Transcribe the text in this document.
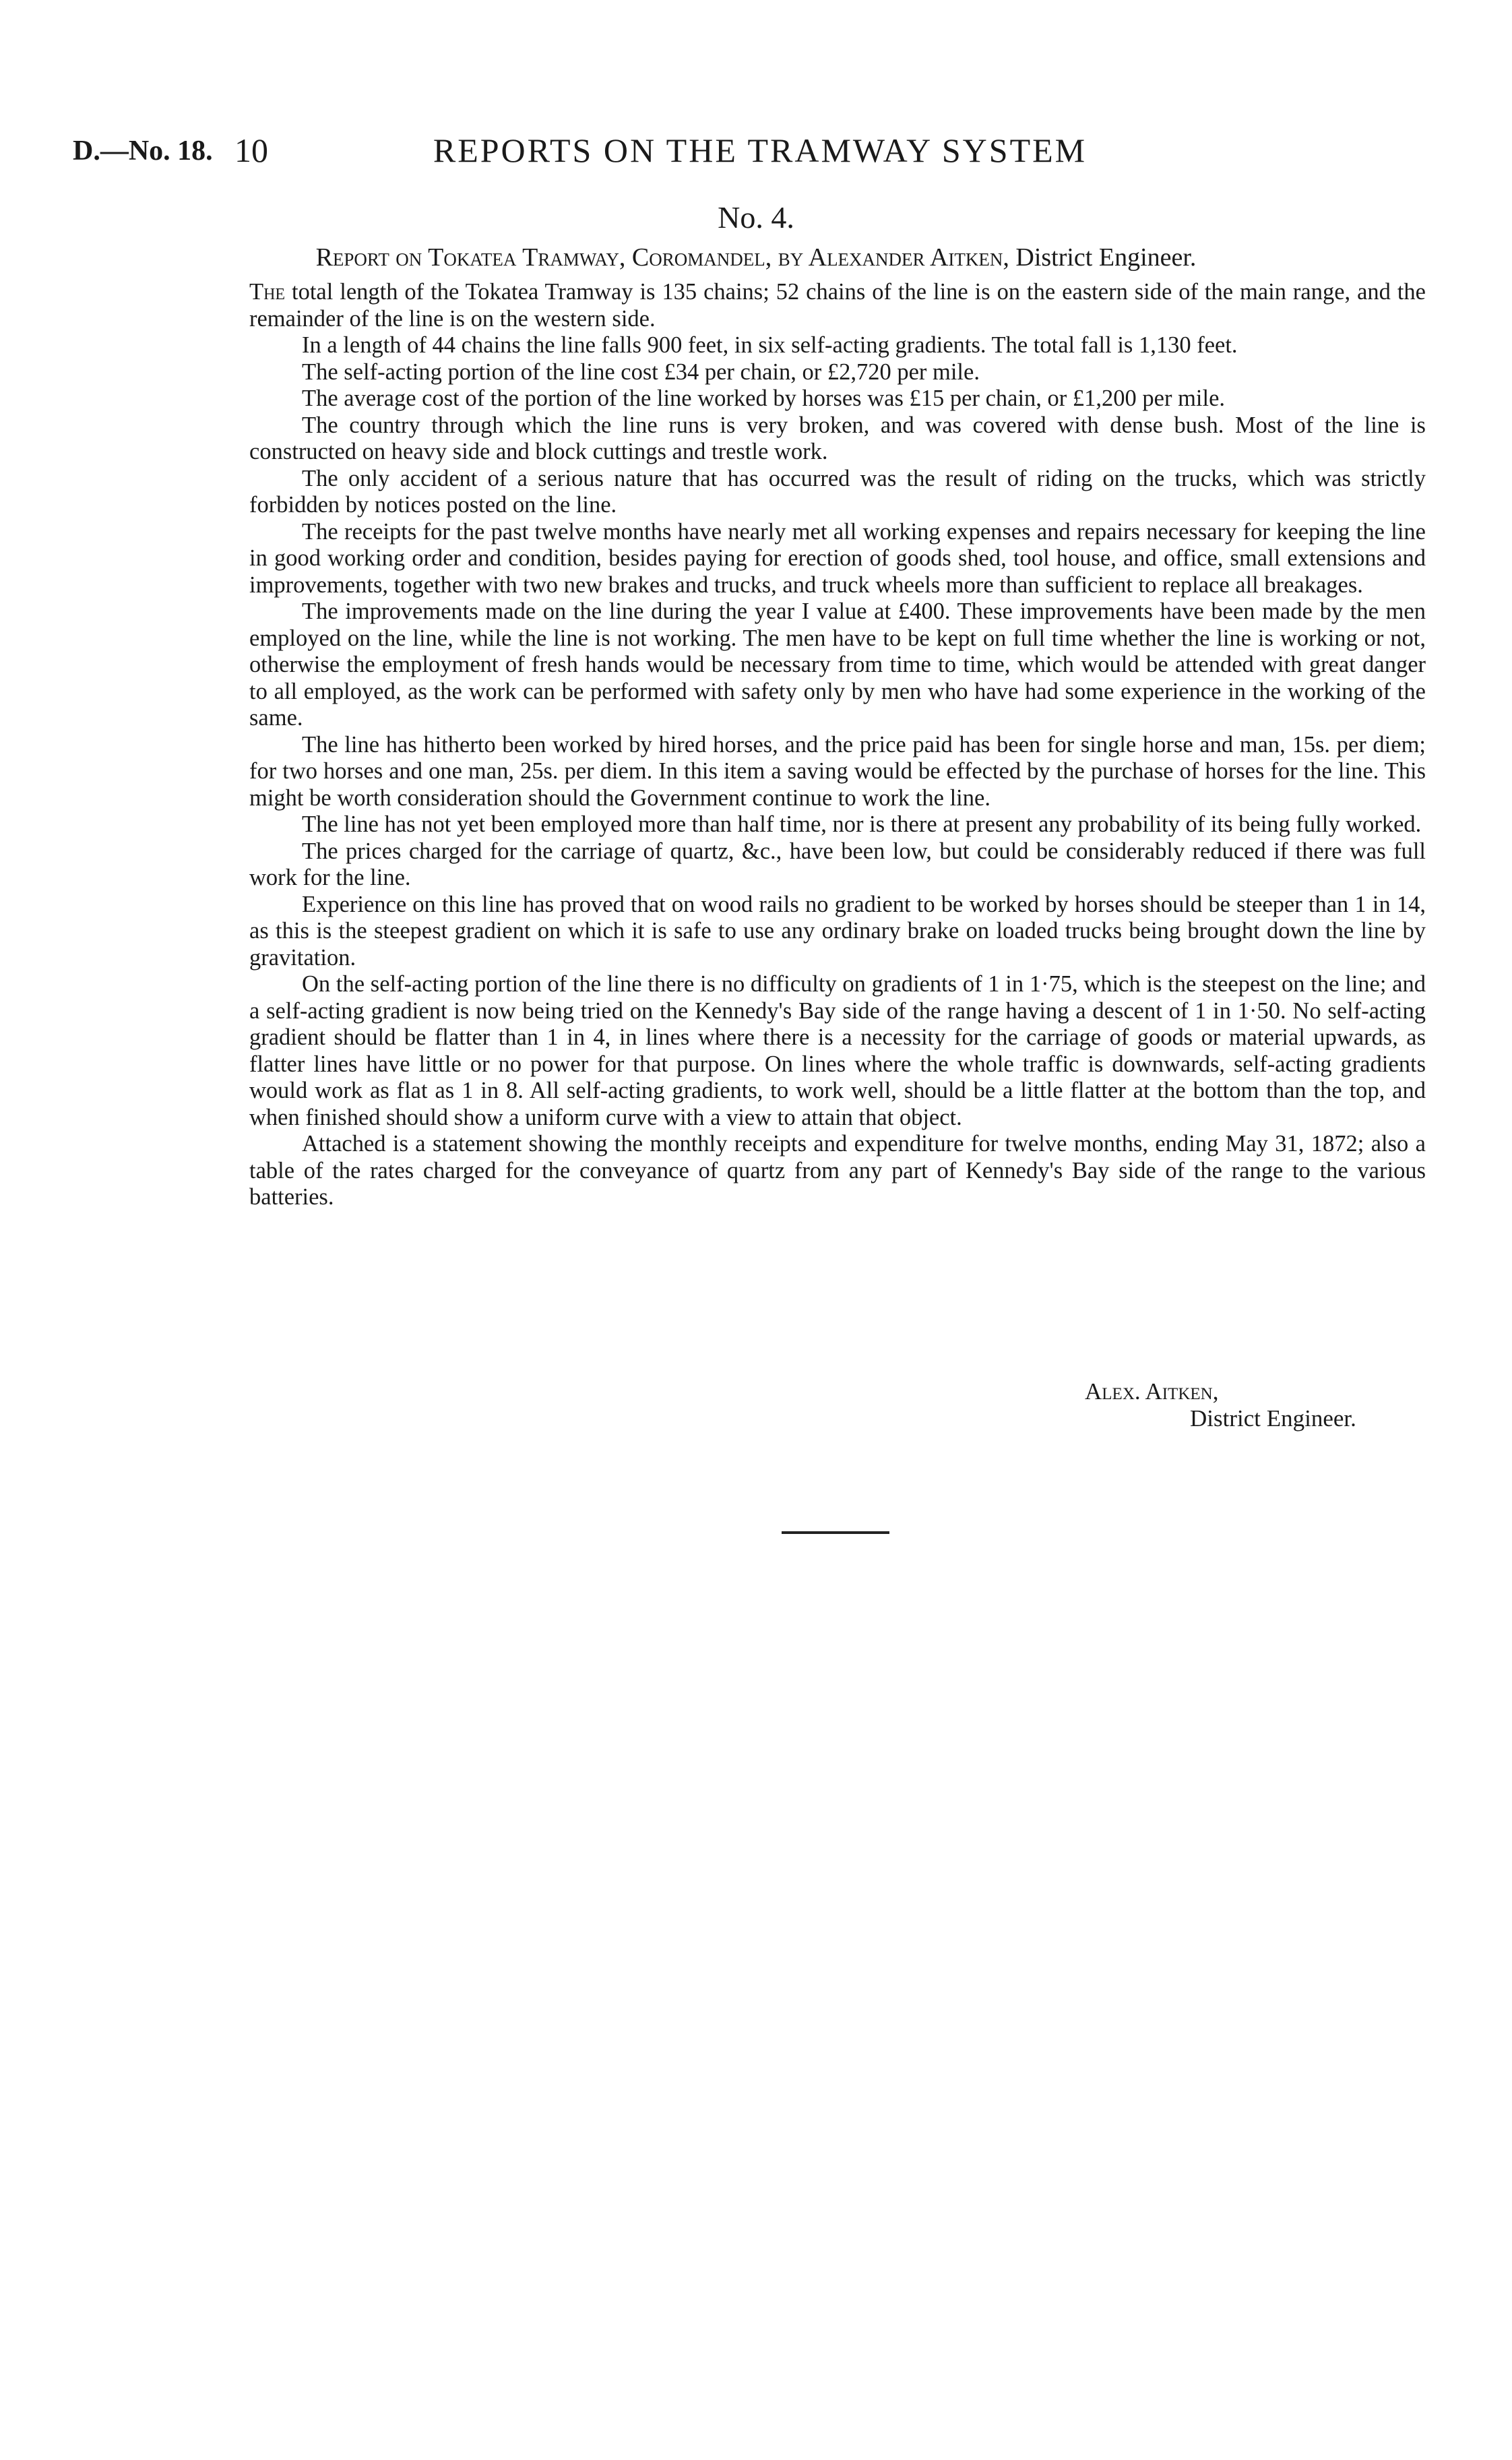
D.—No. 18. 10	REPORTS ON THE TRAMWAY SYSTEM
No. 4.
Report on Tokatea Tramway, Coromandel, by Alexander Aitken, District Engineer.

The total length of the Tokatea Tramway is 135 chains; 52 chains of the line is on the eastern side of the main range, and the remainder of the line is on the western side.

In a length of 44 chains the line falls 900 feet, in six self-acting gradients. The total fall is 1,130 feet.

The self-acting portion of the line cost £34 per chain, or £2,720 per mile.

The average cost of the portion of the line worked by horses was £15 per chain, or £1,200 per mile.

The country through which the line runs is very broken, and was covered with dense bush. Most of the line is constructed on heavy side and block cuttings and trestle work.

The only accident of a serious nature that has occurred was the result of riding on the trucks, which was strictly forbidden by notices posted on the line.

The receipts for the past twelve months have nearly met all working expenses and repairs necessary for keeping the line in good working order and condition, besides paying for erection of goods shed, tool house, and office, small extensions and improvements, together with two new brakes and trucks, and truck wheels more than sufficient to replace all breakages.

The improvements made on the line during the year I value at £400. These improvements have been made by the men employed on the line, while the line is not working. The men have to be kept on full time whether the line is working or not, otherwise the employment of fresh hands would be necessary from time to time, which would be attended with great danger to all employed, as the work can be performed with safety only by men who have had some experience in the working of the same.

The line has hitherto been worked by hired horses, and the price paid has been for single horse and man, 15s. per diem; for two horses and one man, 25s. per diem. In this item a saving would be effected by the purchase of horses for the line. This might be worth consideration should the Government continue to work the line.

The line has not yet been employed more than half time, nor is there at present any probability of its being fully worked.

The prices charged for the carriage of quartz, &c., have been low, but could be considerably reduced if there was full work for the line.

Experience on this line has proved that on wood rails no gradient to be worked by horses should be steeper than 1 in 14, as this is the steepest gradient on which it is safe to use any ordinary brake on loaded trucks being brought down the line by gravitation.

On the self-acting portion of the line there is no difficulty on gradients of 1 in 1·75, which is the steepest on the line; and a self-acting gradient is now being tried on the Kennedy's Bay side of the range having a descent of 1 in 1·50. No self-acting gradient should be flatter than 1 in 4, in lines where there is a necessity for the carriage of goods or material upwards, as flatter lines have little or no power for that purpose. On lines where the whole traffic is downwards, self-acting gradients would work as flat as 1 in 8. All self-acting gradients, to work well, should be a little flatter at the bottom than the top, and when finished should show a uniform curve with a view to attain that object.

Attached is a statement showing the monthly receipts and expenditure for twelve months, ending May 31, 1872; also a table of the rates charged for the conveyance of quartz from any part of Kennedy's Bay side of the range to the various batteries.

Alex. Aitken,
District Engineer.
